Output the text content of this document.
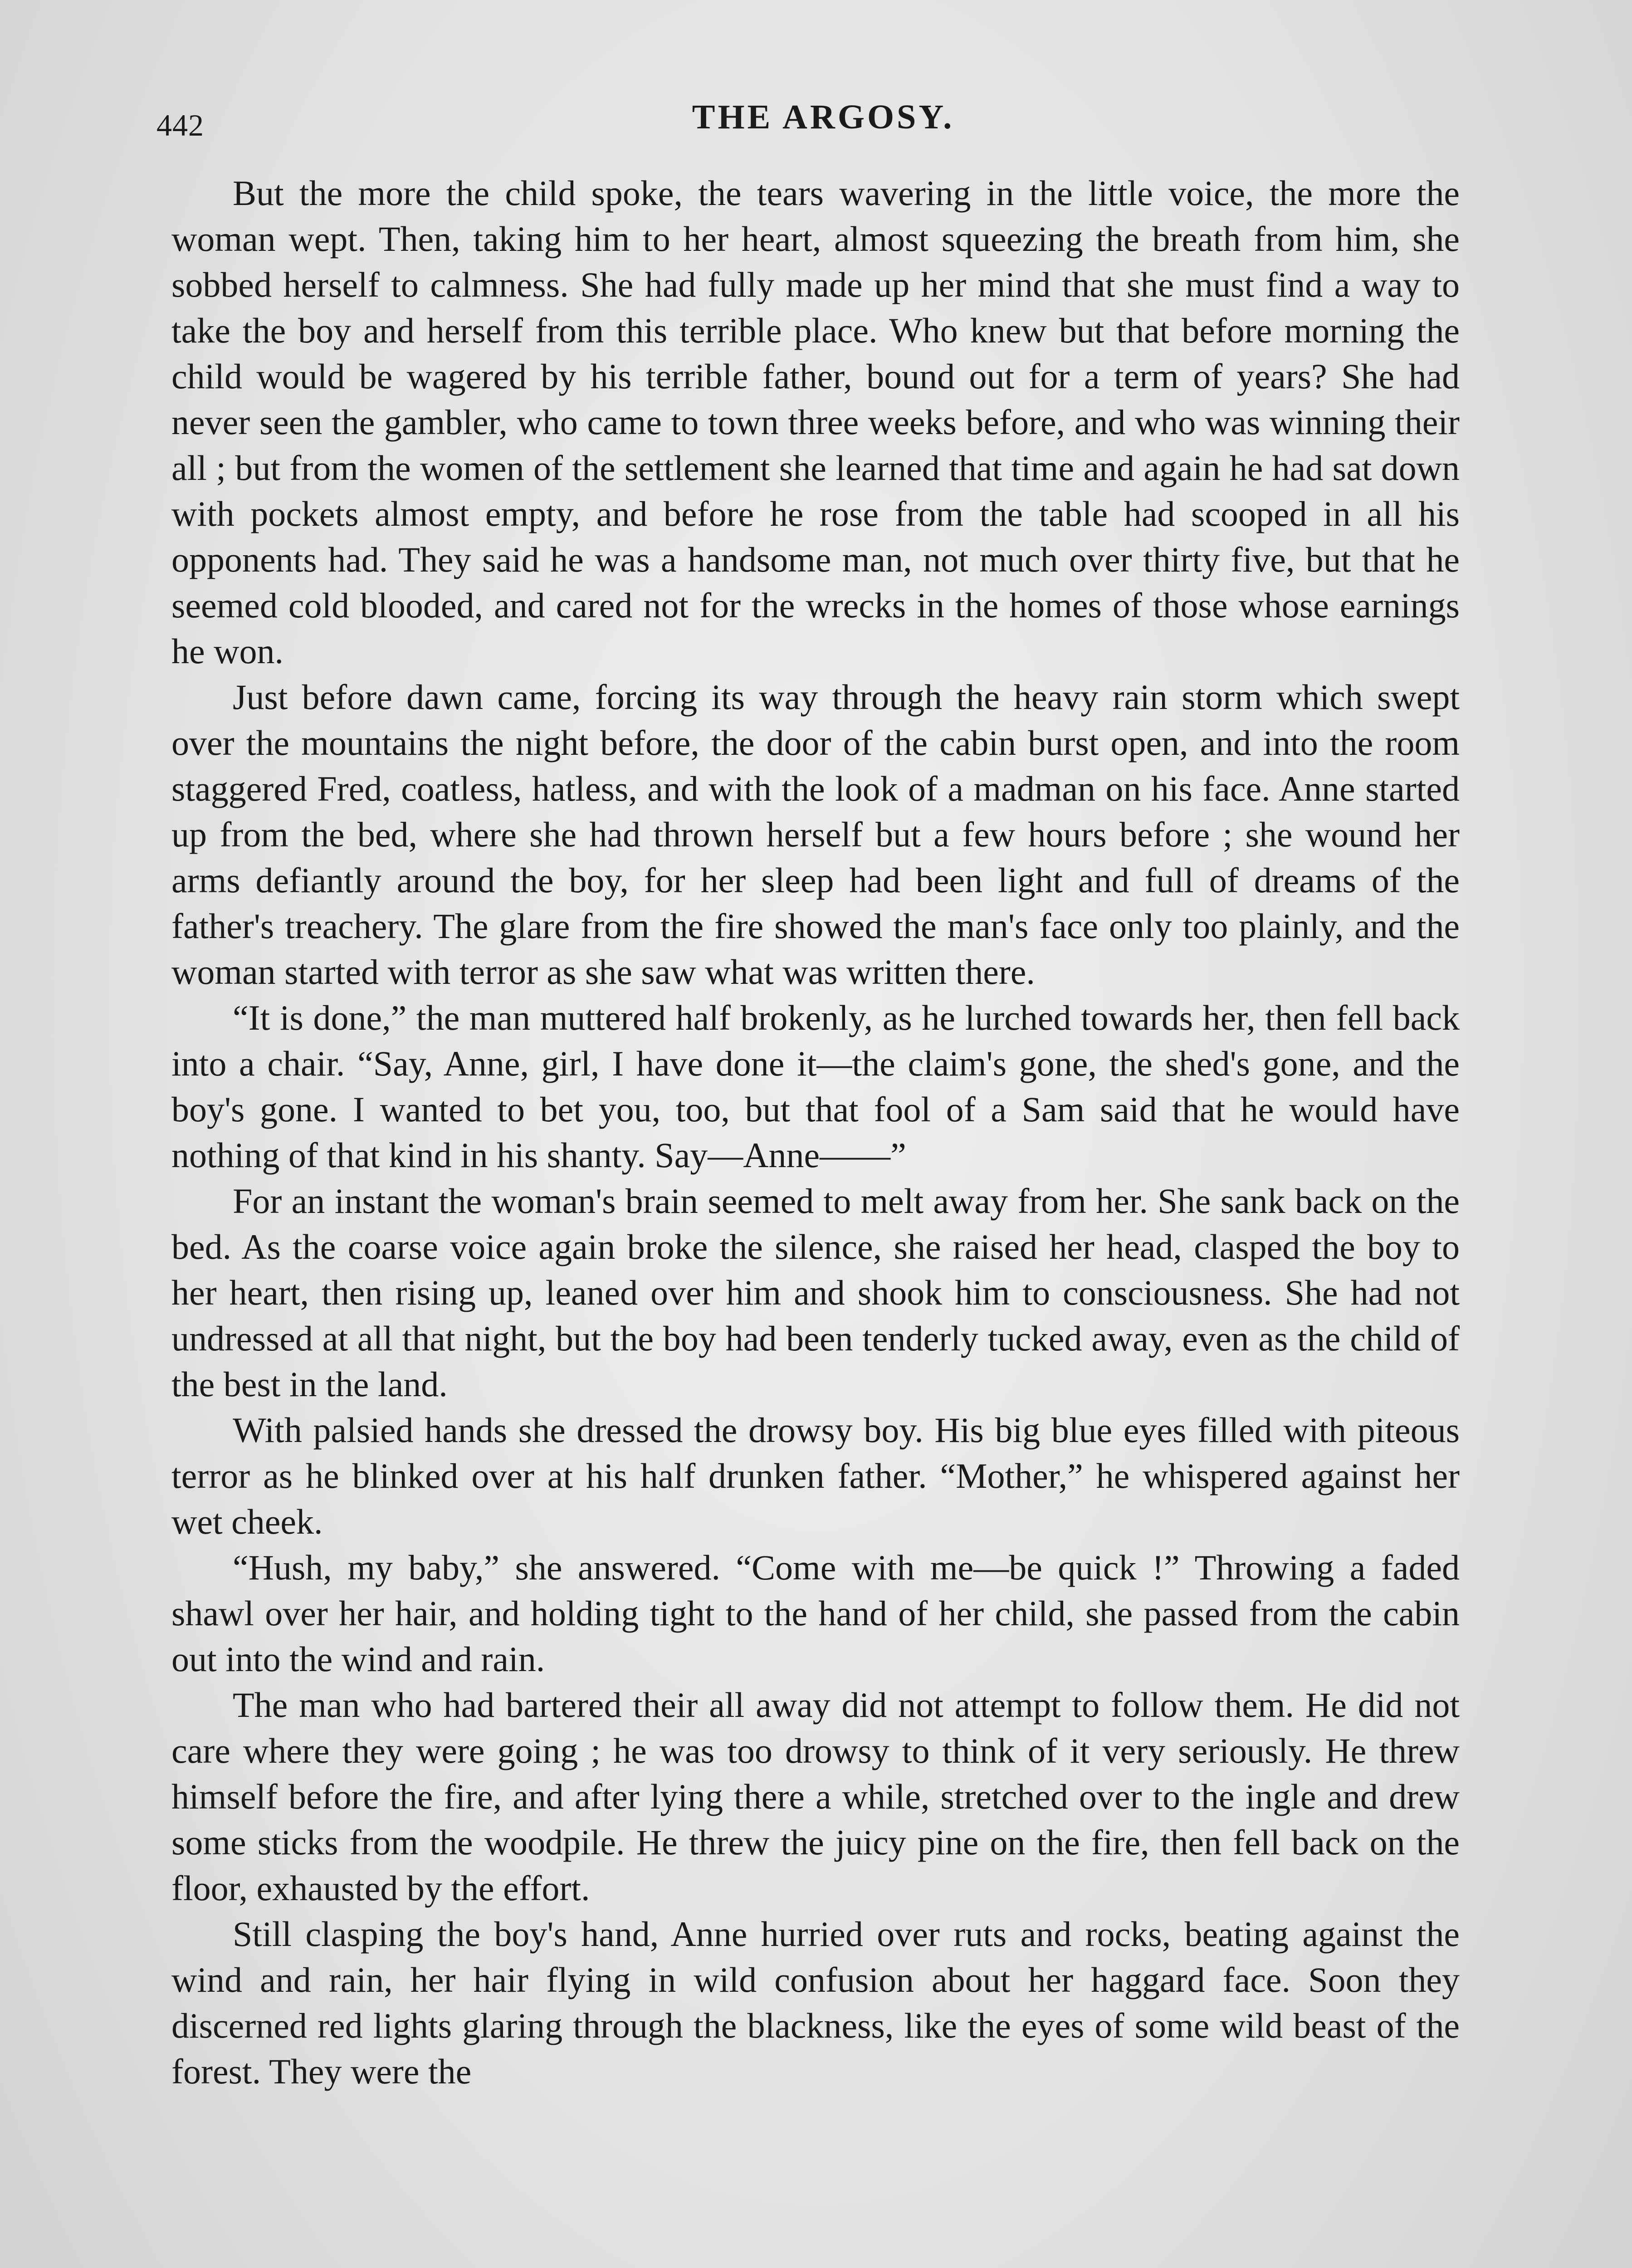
442	THE ARGOSY.

But the more the child spoke, the tears wavering in the little voice, the more the woman wept. Then, taking him to her heart, almost squeezing the breath from him, she sobbed herself to calmness. She had fully made up her mind that she must find a way to take the boy and herself from this terrible place. Who knew but that before morning the child would be wagered by his terrible father, bound out for a term of years? She had never seen the gambler, who came to town three weeks before, and who was winning their all ; but from the women of the settlement she learned that time and again he had sat down with pockets almost empty, and before he rose from the table had scooped in all his opponents had. They said he was a handsome man, not much over thirty five, but that he seemed cold blooded, and cared not for the wrecks in the homes of those whose earnings he won.

Just before dawn came, forcing its way through the heavy rain storm which swept over the mountains the night before, the door of the cabin burst open, and into the room staggered Fred, coatless, hatless, and with the look of a madman on his face. Anne started up from the bed, where she had thrown herself but a few hours before ; she wound her arms defiantly around the boy, for her sleep had been light and full of dreams of the father's treachery. The glare from the fire showed the man's face only too plainly, and the woman started with terror as she saw what was written there.

“It is done,” the man muttered half brokenly, as he lurched towards her, then fell back into a chair. “Say, Anne, girl, I have done it—the claim's gone, the shed's gone, and the boy's gone. I wanted to bet you, too, but that fool of a Sam said that he would have nothing of that kind in his shanty. Say—Anne——”

For an instant the woman's brain seemed to melt away from her. She sank back on the bed. As the coarse voice again broke the silence, she raised her head, clasped the boy to her heart, then rising up, leaned over him and shook him to consciousness. She had not undressed at all that night, but the boy had been tenderly tucked away, even as the child of the best in the land.

With palsied hands she dressed the drowsy boy. His big blue eyes filled with piteous terror as he blinked over at his half drunken father. “Mother,” he whispered against her wet cheek.

“Hush, my baby,” she answered. “Come with me—be quick !” Throwing a faded shawl over her hair, and holding tight to the hand of her child, she passed from the cabin out into the wind and rain.

The man who had bartered their all away did not attempt to follow them. He did not care where they were going ; he was too drowsy to think of it very seriously. He threw himself before the fire, and after lying there a while, stretched over to the ingle and drew some sticks from the woodpile. He threw the juicy pine on the fire, then fell back on the floor, exhausted by the effort.

Still clasping the boy's hand, Anne hurried over ruts and rocks, beating against the wind and rain, her hair flying in wild confusion about her haggard face. Soon they discerned red lights glaring through the blackness, like the eyes of some wild beast of the forest. They were the
